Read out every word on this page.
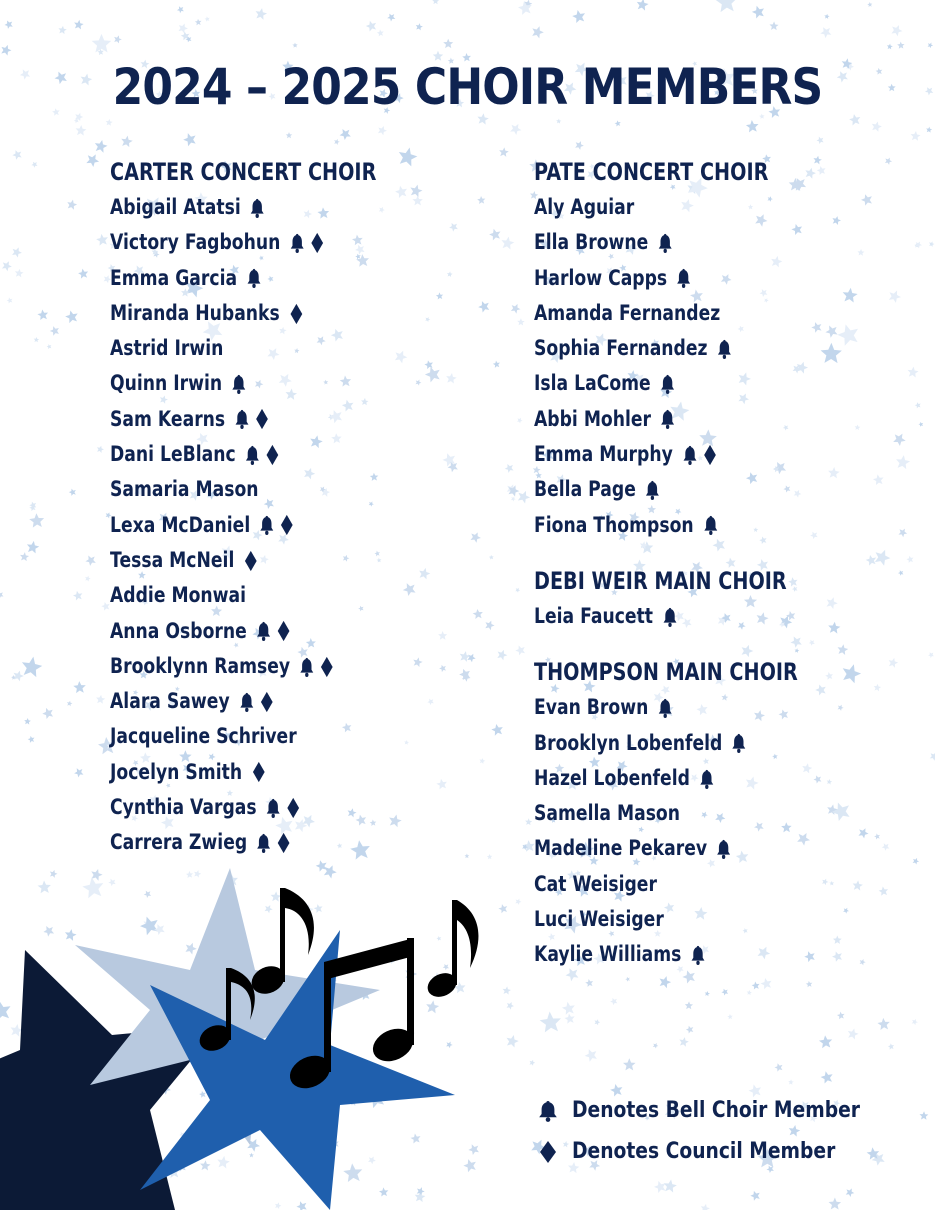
2024 – 2025 CHOIR MEMBERS
CARTER CONCERT CHOIR
Abigail Atatsi
Victory Fagbohun
Emma Garcia
Miranda Hubanks
Astrid Irwin
Quinn Irwin
Sam Kearns
Dani LeBlanc
Samaria Mason
Lexa McDaniel
Tessa McNeil
Addie Monwai
Anna Osborne
Brooklynn Ramsey
Alara Sawey
Jacqueline Schriver
Jocelyn Smith
Cynthia Vargas
Carrera Zwieg
PATE CONCERT CHOIR
Aly Aguiar
Ella Browne
Harlow Capps
Amanda Fernandez
Sophia Fernandez
Isla LaCome
Abbi Mohler
Emma Murphy
Bella Page
Fiona Thompson
DEBI WEIR MAIN CHOIR
Leia Faucett
THOMPSON MAIN CHOIR
Evan Brown
Brooklyn Lobenfeld
Hazel Lobenfeld
Samella Mason
Madeline Pekarev
Cat Weisiger
Luci Weisiger
Kaylie Williams
Denotes Bell Choir Member
Denotes Council Member
